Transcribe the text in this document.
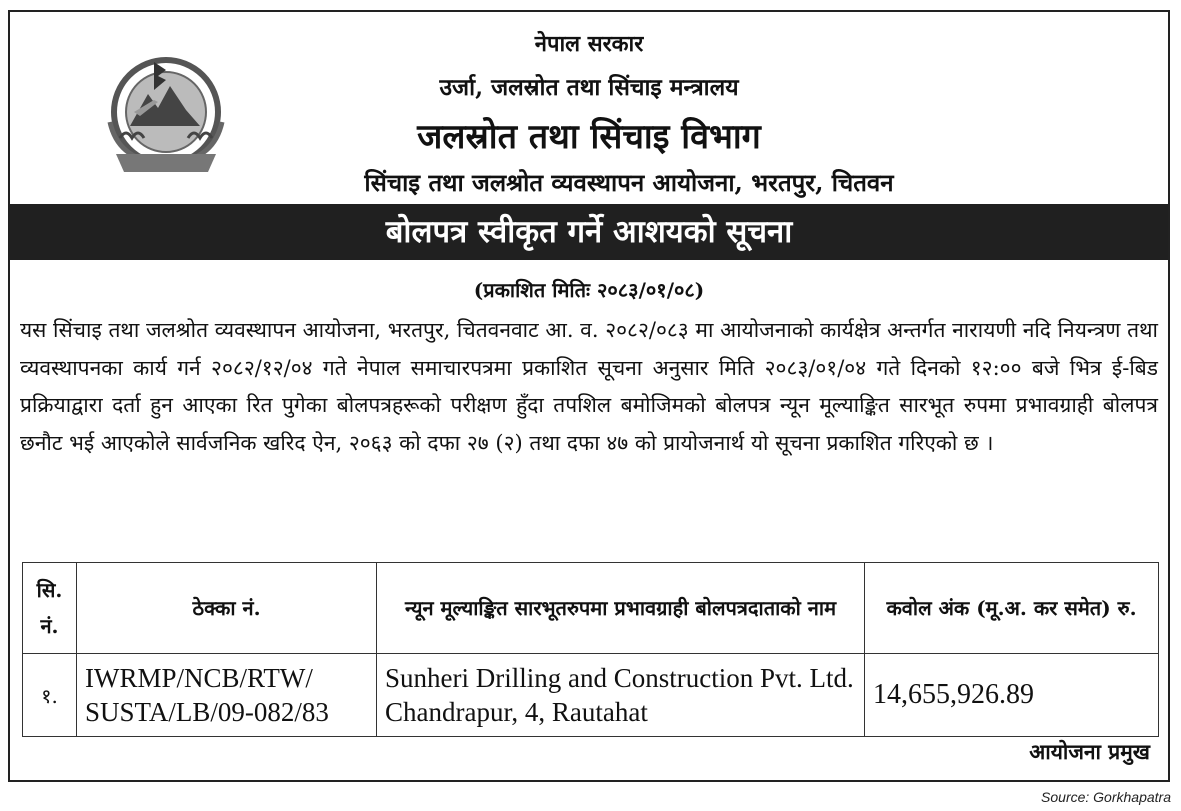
नेपाल सरकार
उर्जा, जलस्रोत तथा सिंचाइ मन्त्रालय
जलस्रोत तथा सिंचाइ विभाग
सिंचाइ तथा जलश्रोत व्यवस्थापन आयोजना, भरतपुर, चितवन
बोलपत्र स्वीकृत गर्ने आशयको सूचना
(प्रकाशित मितिः २०८३/०१/०८)
यस सिंचाइ तथा जलश्रोत व्यवस्थापन आयोजना, भरतपुर, चितवनवाट आ. व. २०८२/०८३ मा आयोजनाको कार्यक्षेत्र अन्तर्गत नारायणी नदि नियन्त्रण तथा व्यवस्थापनका कार्य गर्न २०८२/१२/०४ गते नेपाल समाचारपत्रमा प्रकाशित सूचना अनुसार मिति २०८३/०१/०४ गते दिनको १२:०० बजे भित्र ई-बिड प्रक्रियाद्वारा दर्ता हुन आएका रित पुगेका बोलपत्रहरूको परीक्षण हुँदा तपशिल बमोजिमको बोलपत्र न्यून मूल्याङ्कित सारभूत रुपमा प्रभावग्राही बोलपत्र छनौट भई आएकोले सार्वजनिक खरिद ऐन, २०६३ को दफा २७ (२) तथा दफा ४७ को प्रायोजनार्थ यो सूचना प्रकाशित गरिएको छ ।
सि. नं.	ठेक्का नं.	न्यून मूल्याङ्कित सारभूतरुपमा प्रभावग्राही बोलपत्रदाताको नाम	कवोल अंक (मू.अ. कर समेत) रु.
१.	IWRMP/NCB/RTW/ SUSTA/LB/09-082/83	Sunheri Drilling and Construction Pvt. Ltd. Chandrapur, 4, Rautahat	14,655,926.89
आयोजना प्रमुख
Source: Gorkhapatra
